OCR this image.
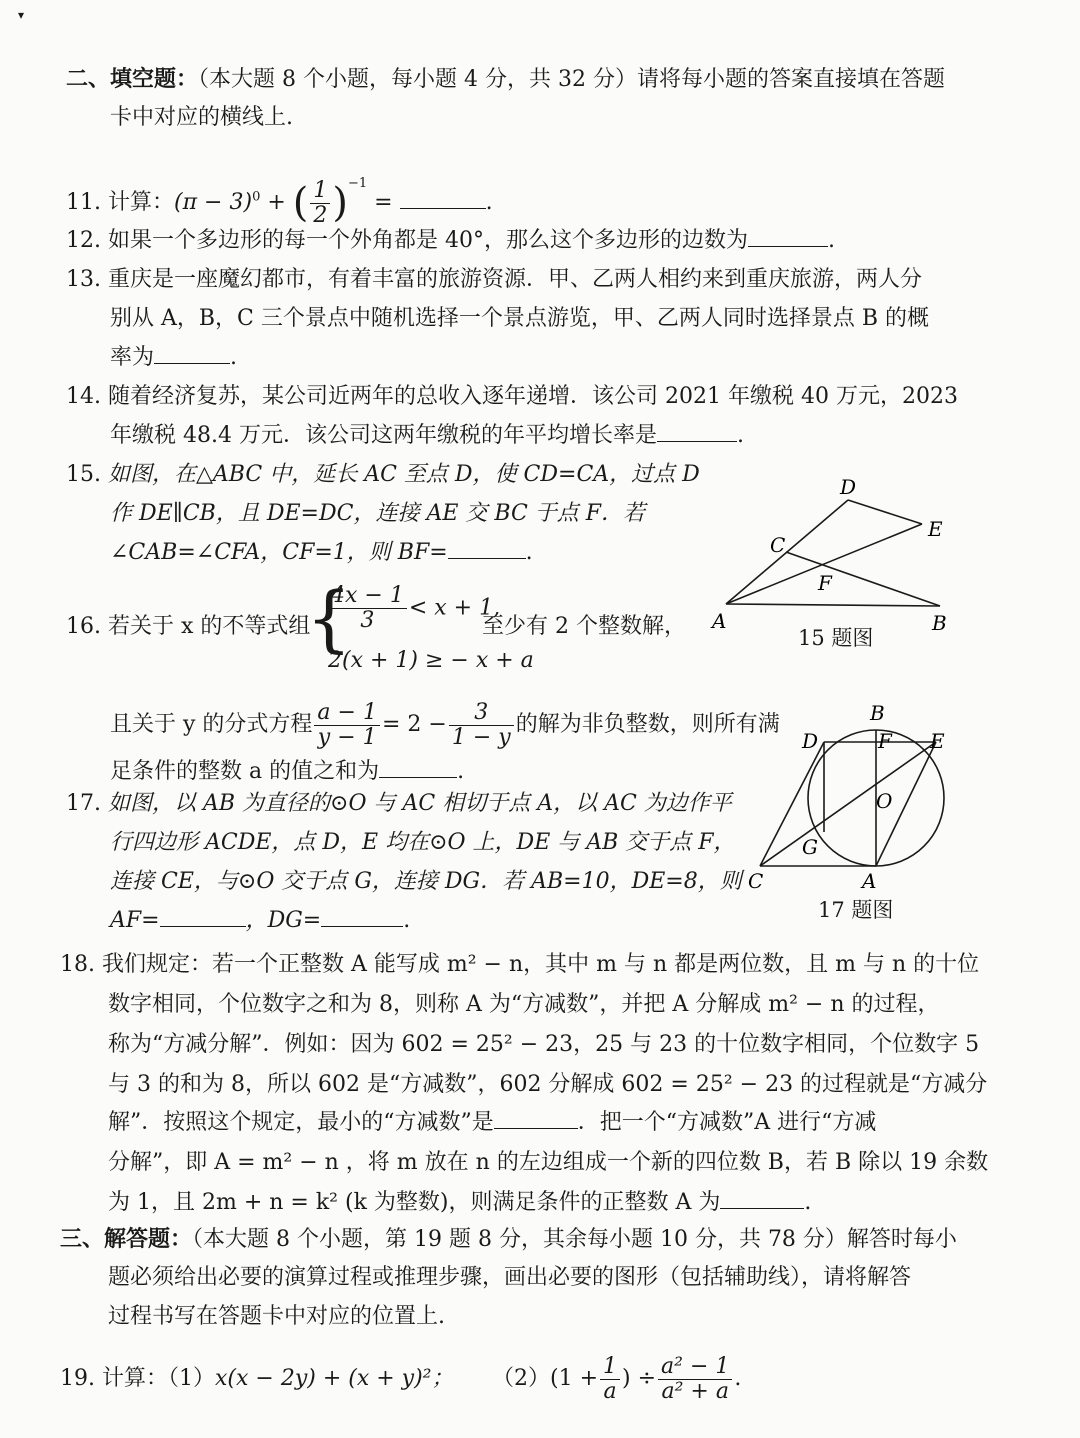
▾
二、填空题：（本大题 8 个小题，每小题 4 分，共 32 分）请将每小题的答案直接填在答题
卡中对应的横线上.
11. 计算：$(\pi - 3)^0$ + ( $\frac{1}{2} )^{-1}$ =	.
12. 如果一个多边形的每一个外角都是 40°，那么这个多边形的边数为	.
13. 重庆是一座魔幻都市，有着丰富的旅游资源．甲、乙两人相约来到重庆旅游，两人分
别从 A，B，C 三个景点中随机选择一个景点游览，甲、乙两人同时选择景点 B 的概
率为	.
14. 随着经济复苏，某公司近两年的总收入逐年递增．该公司 2021 年缴税 40 万元，2023
年缴税 48.4 万元．该公司这两年缴税的年平均增长率是	.
15. 如图，在△ABC 中，延长 AC 至点 D，使 CD=CA，过点 D
作 DE∥CB，且 DE=DC，连接 AE 交 BC 于点 F．若
∠CAB=∠CFA，CF=1，则 BF=	.
A	B
C
D
E
F
15 题图
16. 若关于 x 的不等式组
{
$\frac{4x - 1}{3} < x + 1$,
2(x + 1) ≥ − x + a
至少有 2 个整数解，
且关于 y 的分式方程 $\frac{a - 1}{y - 1} = 2 - \frac{3}{1 - y}$ 的解为非负整数，则所有满
足条件的整数 a 的值之和为	.
17. 如图，以 AB 为直径的⊙O 与 AC 相切于点 A，以 AC 为边作平
行四边形 ACDE，点 D，E 均在⊙O 上，DE 与 AB 交于点 F，
连接 CE，与⊙O 交于点 G，连接 DG．若 AB=10，DE=8，则
AF=	，DG=	.
B
D	F E
O
G
C	A
17 题图
18. 我们规定：若一个正整数 A 能写成 m² − n，其中 m 与 n 都是两位数，且 m 与 n 的十位
数字相同，个位数字之和为 8，则称 A 为“方减数”，并把 A 分解成 m² − n 的过程，
称为“方减分解”．例如：因为 602 = 25² − 23，25 与 23 的十位数字相同，个位数字 5
与 3 的和为 8，所以 602 是“方减数”，602 分解成 602 = 25² − 23 的过程就是“方减分
解”．按照这个规定，最小的“方减数”是	．把一个“方减数”A 进行“方减
分解”，即 A = m² − n ，将 m 放在 n 的左边组成一个新的四位数 B，若 B 除以 19 余数
为 1，且 2m + n = k² (k 为整数)，则满足条件的正整数 A 为	.
三、解答题：（本大题 8 个小题，第 19 题 8 分，其余每小题 10 分，共 78 分）解答时每小
题必须给出必要的演算过程或推理步骤，画出必要的图形（包括辅助线），请将解答
过程书写在答题卡中对应的位置上.
19. 计算：（1）x(x − 2y) + (x + y)²； $(2)(1 + \frac{1}{a}$ ) ÷ $\frac{\text{a² − 1}}{\text{a² + a}}$ .
